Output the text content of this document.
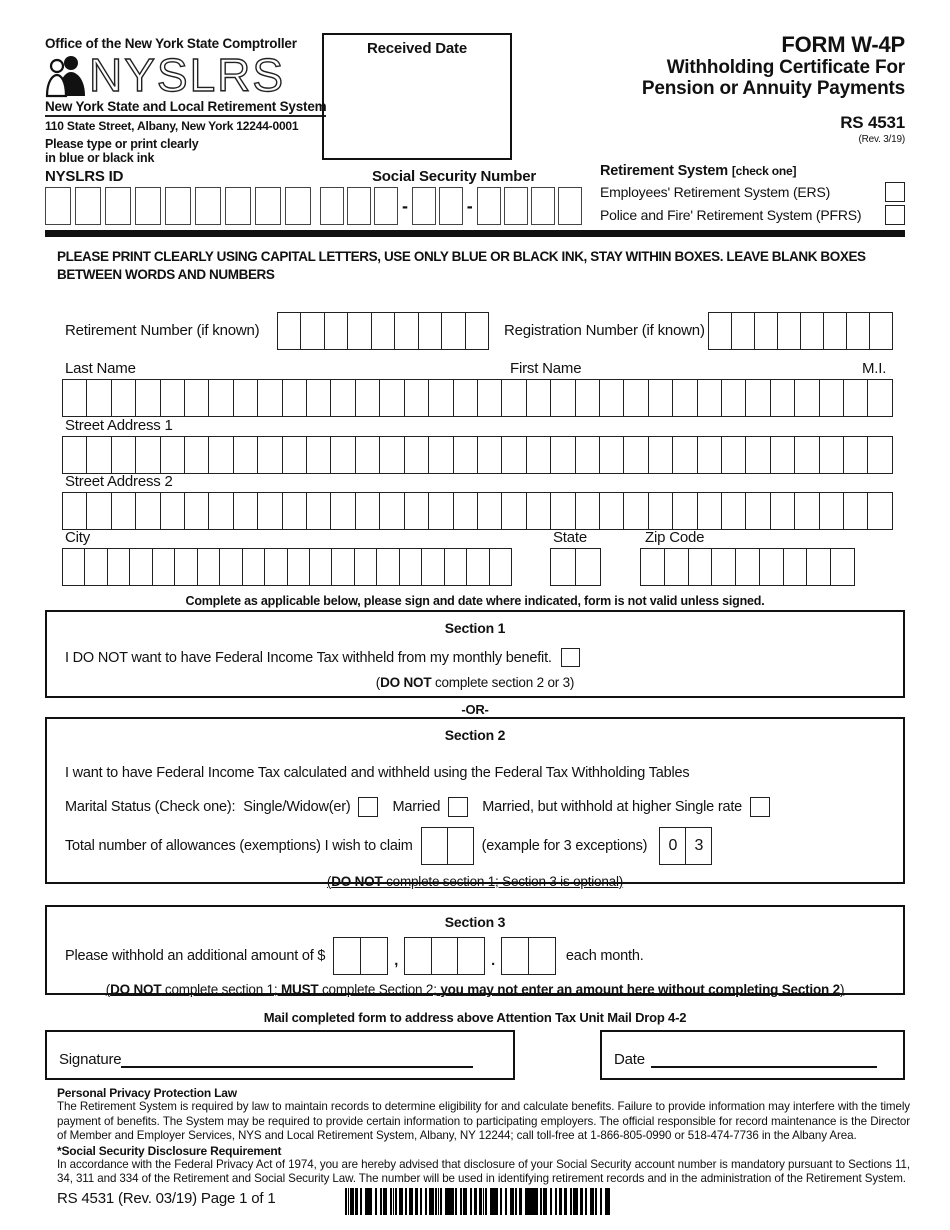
Office of the New York State Comptroller
NYSLRS
New York State and Local Retirement System
110 State Street, Albany, New York 12244-0001
Please type or print clearly
in blue or black ink
Received Date	FORM W-4P
Withholding Certificate For
Pension or Annuity Payments
RS 4531
(Rev. 3/19)
NYSLRS ID	Social Security Number
-	-
Retirement System [check one]
Employees' Retirement System (ERS)
Police and Fire' Retirement System (PFRS)
PLEASE PRINT CLEARLY USING CAPITAL LETTERS, USE ONLY BLUE OR BLACK INK, STAY WITHIN BOXES. LEAVE BLANK BOXES
BETWEEN WORDS AND NUMBERS
Retirement Number (if known)	Registration Number (if known)
Last Name	First Name	M.I.
Street Address 1
Street Address 2
City	State	Zip Code
Complete as applicable below, please sign and date where indicated, form is not valid unless signed.
Section 1
I DO NOT want to have Federal Income Tax withheld from my monthly benefit.
(DO NOT complete section 2 or 3)
-OR-
Section 2
I want to have Federal Income Tax calculated and withheld using the Federal Tax Withholding Tables
Marital Status (Check one): Single/Widow(er)	Married	Married, but withhold at higher Single rate
Total number of allowances (exemptions) I wish to claim	(example for 3 exceptions)	0	3
(DO NOT complete section 1; Section 3 is optional)
Section 3
Please withhold an additional amount of $	,	.	each month.
(DO NOT complete section 1; MUST complete Section 2; you may not enter an amount here without completing Section 2)
Mail completed form to address above Attention Tax Unit Mail Drop 4-2
Signature	Date
Personal Privacy Protection Law
The Retirement System is required by law to maintain records to determine eligibility for and calculate benefits. Failure to provide information may interfere with the timely payment of benefits. The System may be required to provide certain information to participating employers. The official responsible for record maintenance is the Director of Member and Employer Services, NYS and Local Retirement System, Albany, NY 12244; call toll-free at 1-866-805-0990 or 518-474-7736 in the Albany Area.
*Social Security Disclosure Requirement
In accordance with the Federal Privacy Act of 1974, you are hereby advised that disclosure of your Social Security account number is mandatory pursuant to Sections 11, 34, 311 and 334 of the Retirement and Social Security Law. The number will be used in identifying retirement records and in the administration of the Retirement System.
RS 4531 (Rev. 03/19) Page 1 of 1
